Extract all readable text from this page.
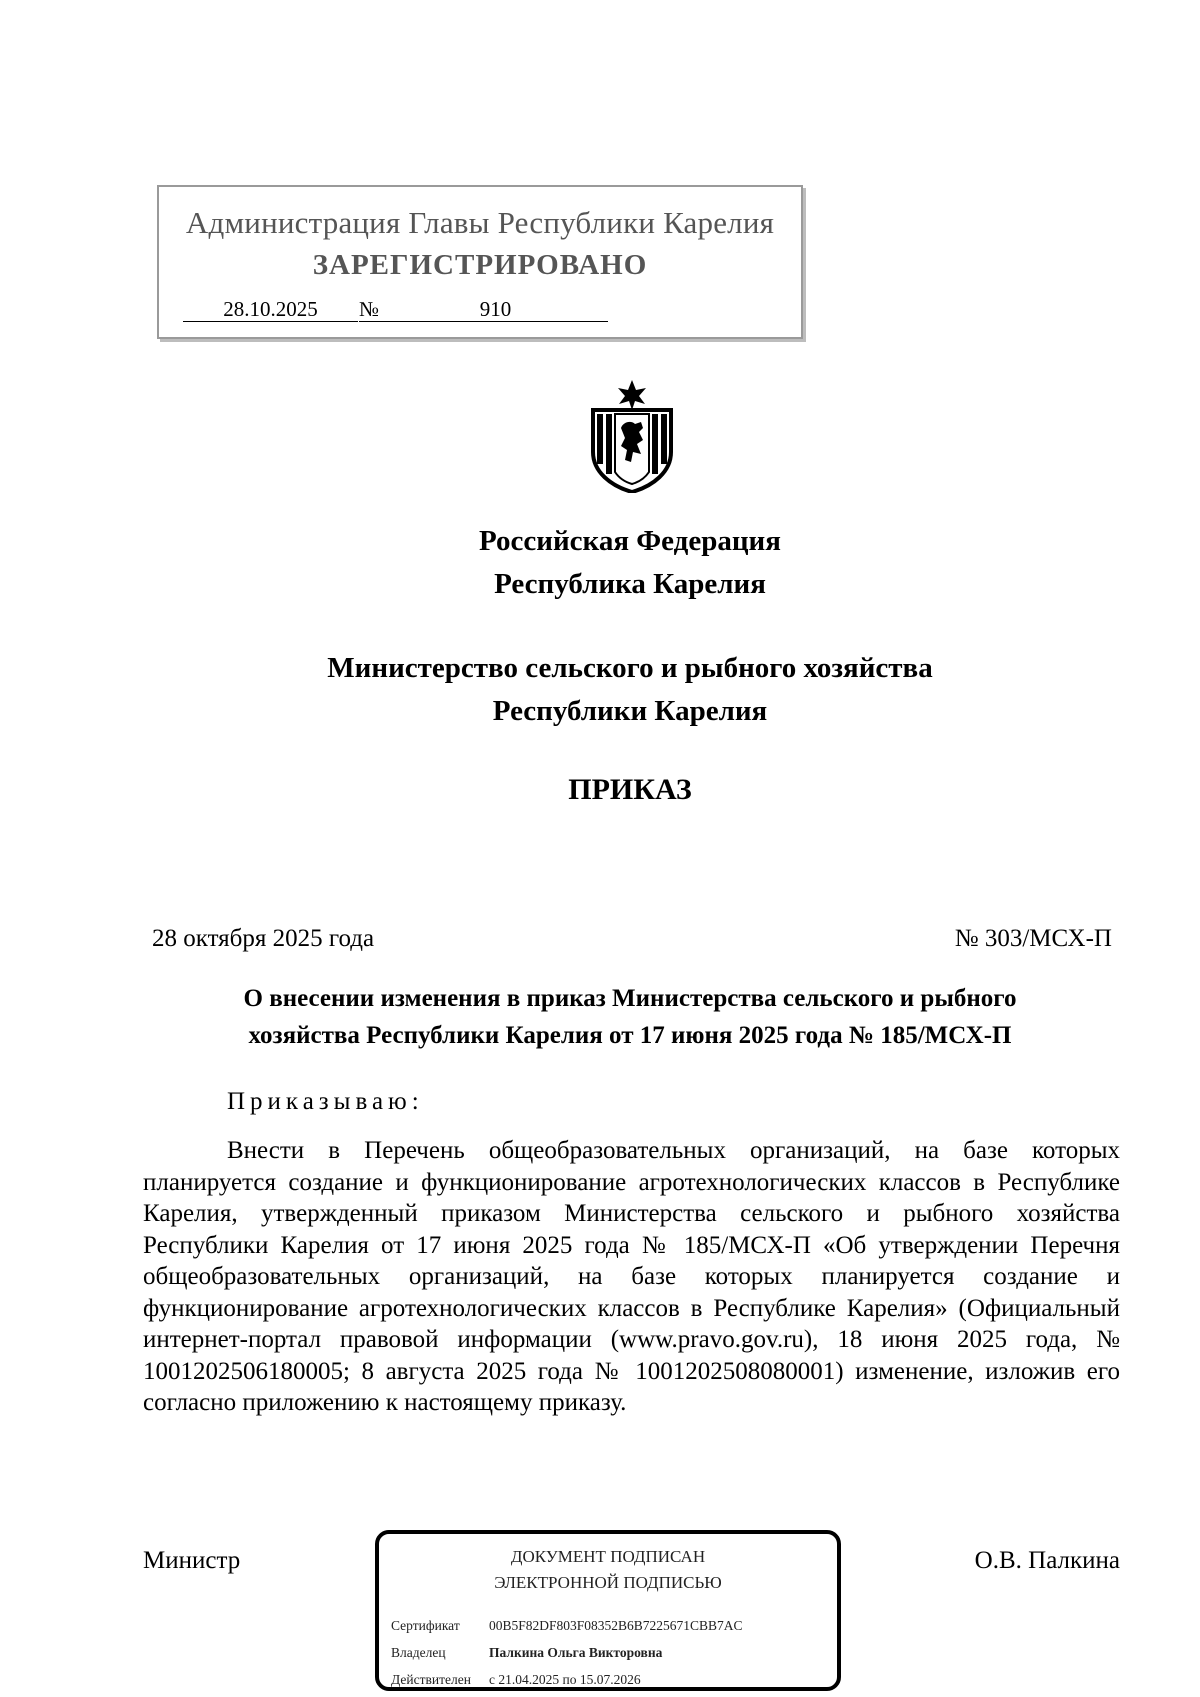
Администрация Главы Республики Карелия
ЗАРЕГИСТРИРОВАНО
28.10.2025	№	910
Российская Федерация
Республика Карелия
Министерство сельского и рыбного хозяйства
Республики Карелия
ПРИКАЗ
28 октября 2025 года	№ 303/МСХ-П
О внесении изменения в приказ Министерства сельского и рыбного
хозяйства Республики Карелия от 17 июня 2025 года № 185/МСХ-П
Приказываю:

Внести в Перечень общеобразовательных организаций, на базе которых планируется создание и функционирование агротехнологических классов в Республике Карелия, утвержденный приказом Министерства сельского и рыбного хозяйства Республики Карелия от 17 июня 2025 года № 185/МСХ-П «Об утверждении Перечня общеобразовательных организаций, на базе которых планируется создание и функционирование агротехнологических классов в Республике Карелия» (Официальный интернет-портал правовой информации (www.pravo.gov.ru), 18 июня 2025 года, № 1001202506180005; 8 августа 2025 года № 1001202508080001) изменение, изложив его согласно приложению к настоящему приказу.

Министр	О.В. Палкина
ДОКУМЕНТ ПОДПИСАН
ЭЛЕКТРОННОЙ ПОДПИСЬЮ
Сертификат 00B5F82DF803F08352B6B7225671CBB7AC
Владелец	Палкина Ольга Викторовна
Действителен с 21.04.2025 по 15.07.2026
